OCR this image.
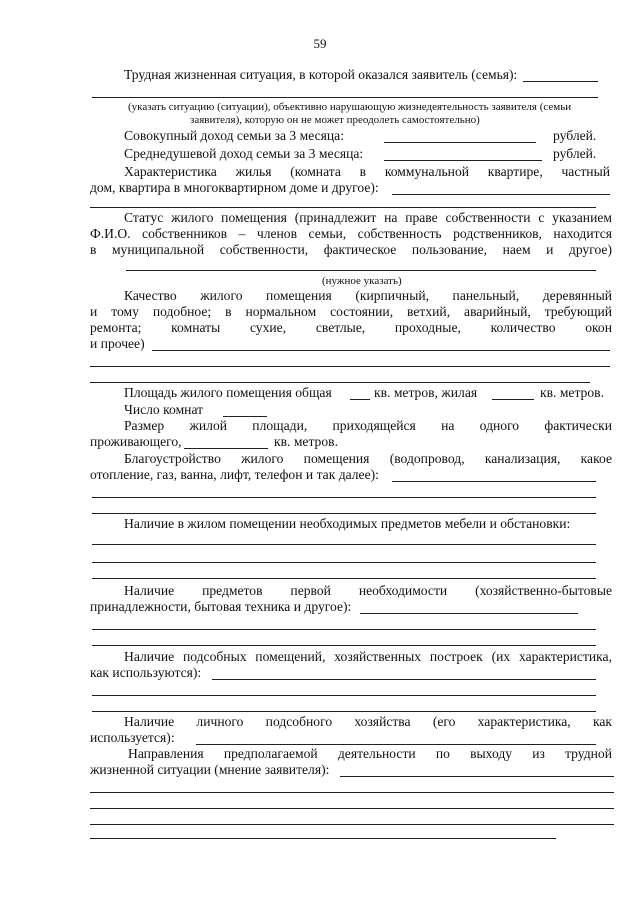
59
Трудная жизненная ситуация, в которой оказался заявитель (семья):
(указать ситуацию (ситуации), объективно нарушающую жизнедеятельность заявителя (семьи
заявителя), которую он не может преодолеть самостоятельно)
Совокупный доход семьи за 3 месяца:	рублей.
Среднедушевой доход семьи за 3 месяца:	рублей.
Характеристика жилья (комната в коммунальной квартире, частный
дом, квартира в многоквартирном доме и другое):
Статус жилого помещения (принадлежит на праве собственности с указанием
Ф.И.О. собственников – членов семьи, собственность родственников, находится
в муниципальной собственности, фактическое пользование, наем и другое)
(нужное указать)
Качество жилого помещения (кирпичный, панельный, деревянный
и тому подобное; в нормальном состоянии, ветхий, аварийный, требующий
ремонта; комнаты сухие, светлые, проходные, количество окон
и прочее)
Площадь жилого помещения общая	кв. метров, жилая	кв. метров.
Число комнат
Размер жилой площади, приходящейся на одного фактически
проживающего,	кв. метров.
Благоустройство жилого помещения (водопровод, канализация, какое
отопление, газ, ванна, лифт, телефон и так далее):
Наличие в жилом помещении необходимых предметов мебели и обстановки:
Наличие предметов первой необходимости (хозяйственно-бытовые
принадлежности, бытовая техника и другое):
Наличие подсобных помещений, хозяйственных построек (их характеристика,
как используются):
Наличие личного подсобного хозяйства (его характеристика, как
используется):
Направления предполагаемой деятельности по выходу из трудной
жизненной ситуации (мнение заявителя):
